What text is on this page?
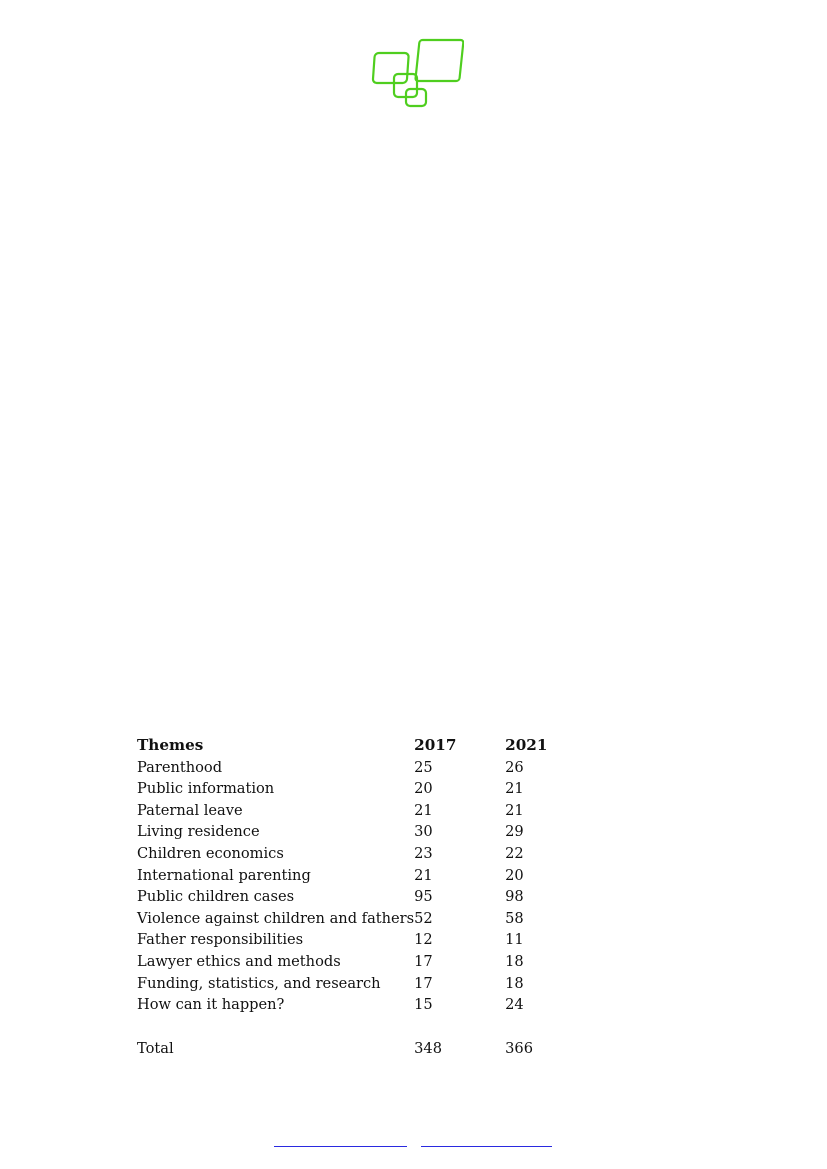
Themes	2017	2021
Parenthood	25	26
Public information	20	21
Paternal leave	21	21
Living residence	30	29
Children economics	23	22
International parenting	21	20
Public children cases	95	98
Violence against children and fathers	52	58
Father responsibilities	12	11
Lawyer ethics and methods	17	18
Funding, statistics, and research	17	18
How can it happen?	15	24

Total	348	366
